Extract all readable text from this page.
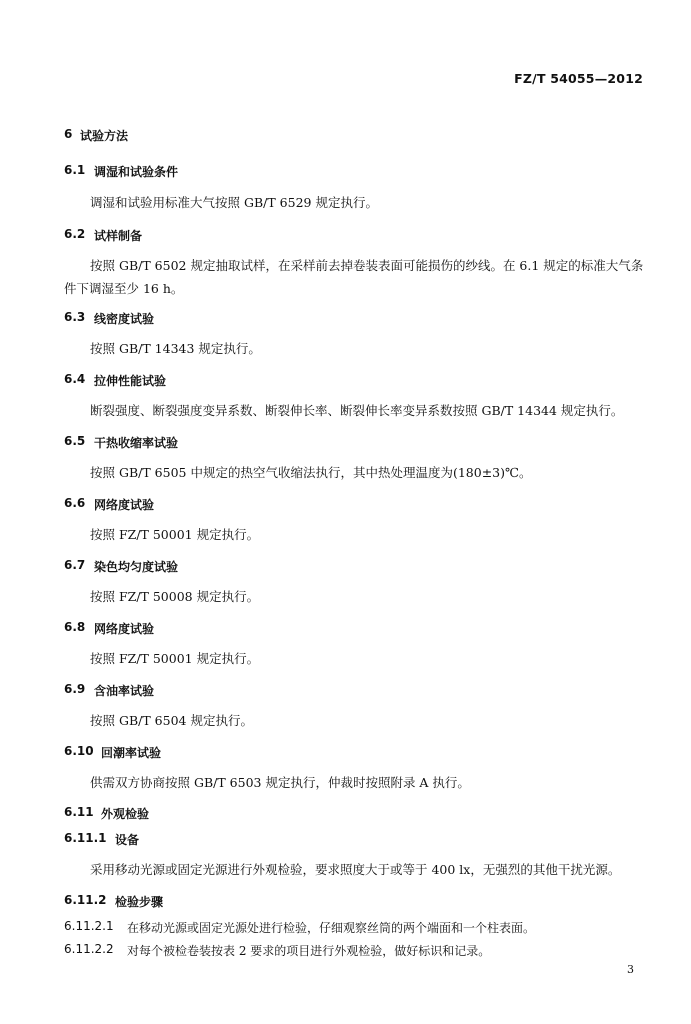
FZ/T 54055—2012
6 试验方法
6.1 调湿和试验条件
调湿和试验用标准大气按照 GB/T 6529 规定执行。
6.2 试样制备
按照 GB/T 6502 规定抽取试样，在采样前去掉卷装表面可能损伤的纱线。在 6.1 规定的标准大气条件下调湿至少 16 h。
6.3 线密度试验
按照 GB/T 14343 规定执行。
6.4 拉伸性能试验
断裂强度、断裂强度变异系数、断裂伸长率、断裂伸长率变异系数按照 GB/T 14344 规定执行。
6.5 干热收缩率试验
按照 GB/T 6505 中规定的热空气收缩法执行，其中热处理温度为(180±3)℃。
6.6 网络度试验
按照 FZ/T 50001 规定执行。
6.7 染色均匀度试验
按照 FZ/T 50008 规定执行。
6.8 网络度试验
按照 FZ/T 50001 规定执行。
6.9 含油率试验
按照 GB/T 6504 规定执行。
6.10 回潮率试验
供需双方协商按照 GB/T 6503 规定执行，仲裁时按照附录 A 执行。
6.11 外观检验
6.11.1 设备
采用移动光源或固定光源进行外观检验，要求照度大于或等于 400 lx，无强烈的其他干扰光源。
6.11.2 检验步骤
6.11.2.1 在移动光源或固定光源处进行检验，仔细观察丝筒的两个端面和一个柱表面。
6.11.2.2 对每个被检卷装按表 2 要求的项目进行外观检验，做好标识和记录。
3
